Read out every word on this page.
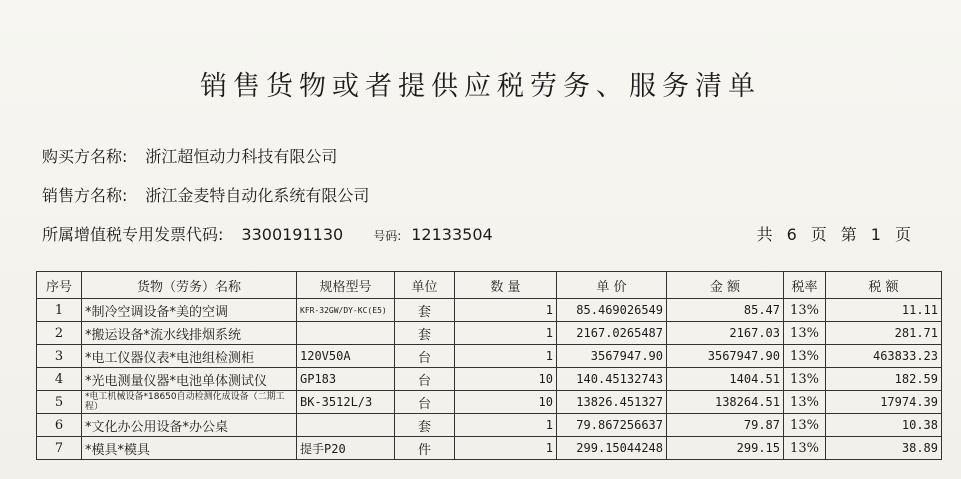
销售货物或者提供应税劳务、服务清单
购买方名称: 浙江超恒动力科技有限公司
销售方名称: 浙江金麦特自动化系统有限公司
所属增值税专用发票代码: 3300191130	号码: 12133504	共 6 页 第 1 页
序号	货物（劳务）名称	规格型号	单位	数 量	单 价	金 额	税率	税 额
1	*制冷空调设备*美的空调	KFR-32GW/DY-KC(E5)	套	1	85.469026549	85.47	13%	11.11
2	*搬运设备*流水线排烟系统		套	1	2167.0265487	2167.03	13%	281.71
3	*电工仪器仪表*电池组检测柜	120V50A	台	1	3567947.90	3567947.90	13%	463833.23
4	*光电测量仪器*电池单体测试仪	GP183	台	10	140.45132743	1404.51	13%	182.59
5	*电工机械设备*18650自动检测化成设备（二期工程）	BK-3512L/3	台	10	13826.451327	138264.51	13%	17974.39
6	*文化办公用设备*办公桌		套	1	79.867256637	79.87	13%	10.38
7	*模具*模具	提手P20	件	1	299.15044248	299.15	13%	38.89
